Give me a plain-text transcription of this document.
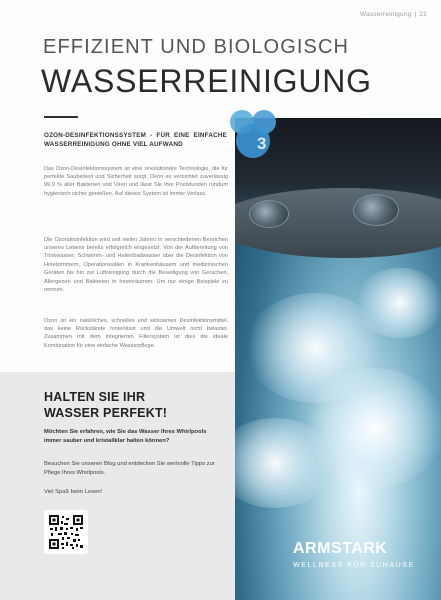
Wasserreinigung | 21
EFFIZIENT UND BIOLOGISCH
WASSERREINIGUNG
ARMSTARK
WELLNESS FÜR ZUHAUSE
3
OZON-DESINFEKTIONSSYSTEM - FÜR EINE EINFACHE WASSERREINIGUNG OHNE VIEL AUFWAND

Das Ozon-Desinfektionssystem ist eine revolutionäre Technologie, die für perfekte Sauberkeit und Sicherheit sorgt. Denn es vernichtet zuverlässig 99,9 % aller Bakterien und Viren und lässt Sie Ihre Poolstunden rundum hygienisch sicher genießen. Auf dieses System ist immer Verlass.

Die Ozondesinfektion wird seit vielen Jahren in verschiedenen Bereichen unseres Lebens bereits erfolgreich eingesetzt. Von der Aufbereitung von Trinkwasser, Schwimm- und Hallenbadwasser über die Desinfektion von Hotelzimmern, Operationssälen in Krankenhäusern und medizinischen Geräten bis hin zur Luftreinigung durch die Beseitigung von Gerüchen, Allergenen und Bakterien in Innenräumen. Um nur einige Beispiele zu nennen.

Ozon ist ein natürliches, schnelles und wirksames Desinfektionsmittel, das keine Rückstände hinterlässt und die Umwelt nicht belastet. Zusammen mit dem integrierten Filtersystem ist dies die ideale Kombination für eine einfache Wasserpflege.

HALTEN SIE IHR
WASSER PERFEKT!
Möchten Sie erfahren, wie Sie das Wasser Ihres Whirlpools immer sauber und kristallklar halten können?
Besuchen Sie unseren Blog und entdecken Sie wertvolle Tipps zur Pflege Ihres Whirlpools.
Viel Spaß beim Lesen!
